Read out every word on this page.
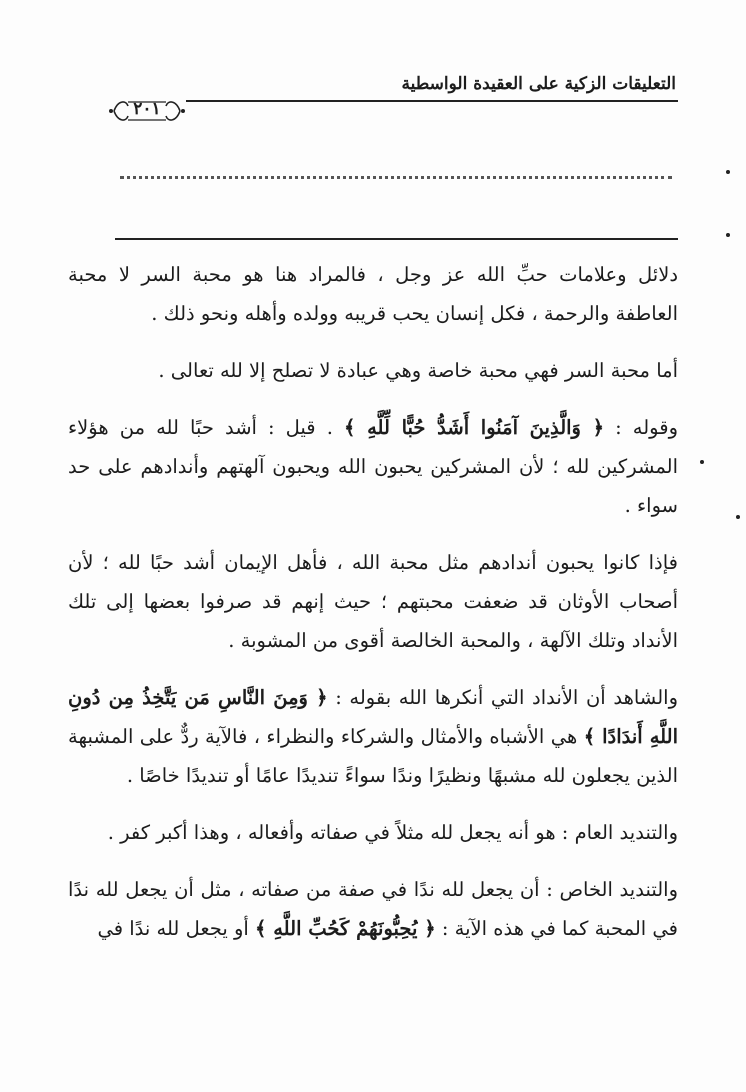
التعليقات الزكية على العقيدة الواسطية
٢٠١

دلائل وعلامات حبِّ الله عز وجل ، فالمراد هنا هو محبة السر لا محبة العاطفة والرحمة ، فكل إنسان يحب قريبه وولده وأهله ونحو ذلك .

أما محبة السر فهي محبة خاصة وهي عبادة لا تصلح إلا لله تعالى .

وقوله : ﴿ وَالَّذِينَ آمَنُوا أَشَدُّ حُبًّا لِّلَّهِ ﴾ . قيل : أشد حبًا لله من هؤلاء المشركين لله ؛ لأن المشركين يحبون الله ويحبون آلهتهم وأندادهم على حد سواء .

فإذا كانوا يحبون أندادهم مثل محبة الله ، فأهل الإيمان أشد حبًا لله ؛ لأن أصحاب الأوثان قد ضعفت محبتهم ؛ حيث إنهم قد صرفوا بعضها إلى تلك الأنداد وتلك الآلهة ، والمحبة الخالصة أقوى من المشوبة .

والشاهد أن الأنداد التي أنكرها الله بقوله : ﴿ وَمِنَ النَّاسِ مَن يَتَّخِذُ مِن دُونِ اللَّهِ أَندَادًا ﴾ هي الأشباه والأمثال والشركاء والنظراء ، فالآية ردٌّ على المشبهة الذين يجعلون لله مشبهًا ونظيرًا وندًا سواءً تنديدًا عامًا أو تنديدًا خاصًا .

والتنديد العام : هو أنه يجعل لله مثلاً في صفاته وأفعاله ، وهذا أكبر كفر .

والتنديد الخاص : أن يجعل لله ندًا في صفة من صفاته ، مثل أن يجعل لله ندًا في المحبة كما في هذه الآية : ﴿ يُحِبُّونَهُمْ كَحُبِّ اللَّهِ ﴾ أو يجعل لله ندًا في
